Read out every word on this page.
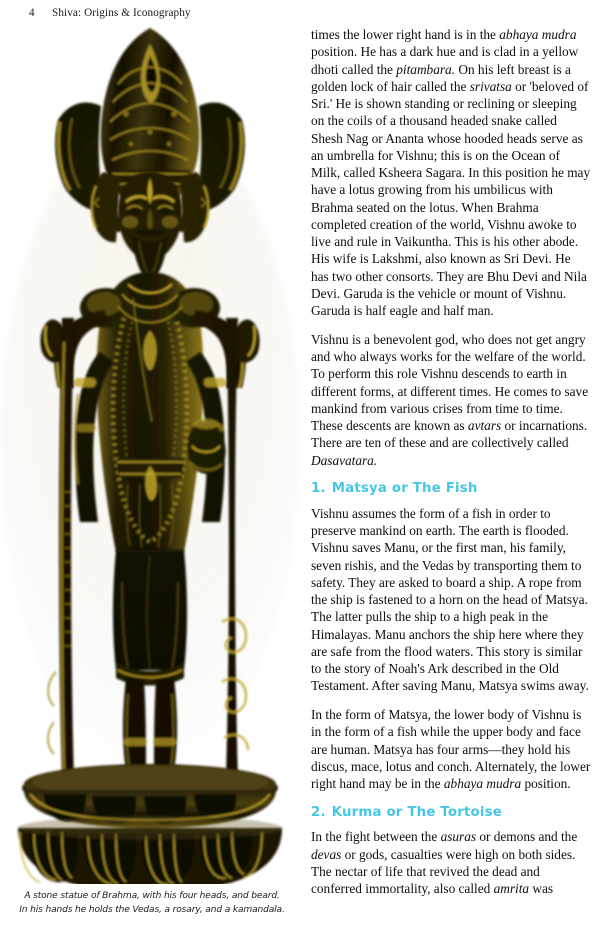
4 Shiva: Origins & Iconography
A stone statue of Brahma, with his four heads, and beard.
In his hands he holds the Vedas, a rosary, and a kamandala.

times the lower right hand is in the abhaya mudra position. He has a dark hue and is clad in a yellow dhoti called the pitambara. On his left breast is a golden lock of hair called the srivatsa or 'beloved of Sri.' He is shown standing or reclining or sleeping on the coils of a thousand headed snake called Shesh Nag or Ananta whose hooded heads serve as an umbrella for Vishnu; this is on the Ocean of Milk, called Ksheera Sagara. In this position he may have a lotus growing from his umbilicus with Brahma seated on the lotus. When Brahma completed creation of the world, Vishnu awoke to live and rule in Vaikuntha. This is his other abode. His wife is Lakshmi, also known as Sri Devi. He has two other consorts. They are Bhu Devi and Nila Devi. Garuda is the vehicle or mount of Vishnu. Garuda is half eagle and half man.

Vishnu is a benevolent god, who does not get angry and who always works for the welfare of the world. To perform this role Vishnu descends to earth in different forms, at different times. He comes to save mankind from various crises from time to time. These descents are known as avtars or incarnations. There are ten of these and are collectively called Dasavatara.

1. Matsya or The Fish

Vishnu assumes the form of a fish in order to preserve mankind on earth. The earth is flooded. Vishnu saves Manu, or the first man, his family, seven rishis, and the Vedas by transporting them to safety. They are asked to board a ship. A rope from the ship is fastened to a horn on the head of Matsya. The latter pulls the ship to a high peak in the Himalayas. Manu anchors the ship here where they are safe from the flood waters. This story is similar to the story of Noah's Ark described in the Old Testament. After saving Manu, Matsya swims away.

In the form of Matsya, the lower body of Vishnu is in the form of a fish while the upper body and face are human. Matsya has four arms—they hold his discus, mace, lotus and conch. Alternately, the lower right hand may be in the abhaya mudra position.

2. Kurma or The Tortoise

In the fight between the asuras or demons and the devas or gods, casualties were high on both sides. The nectar of life that revived the dead and conferred immortality, also called amrita was
